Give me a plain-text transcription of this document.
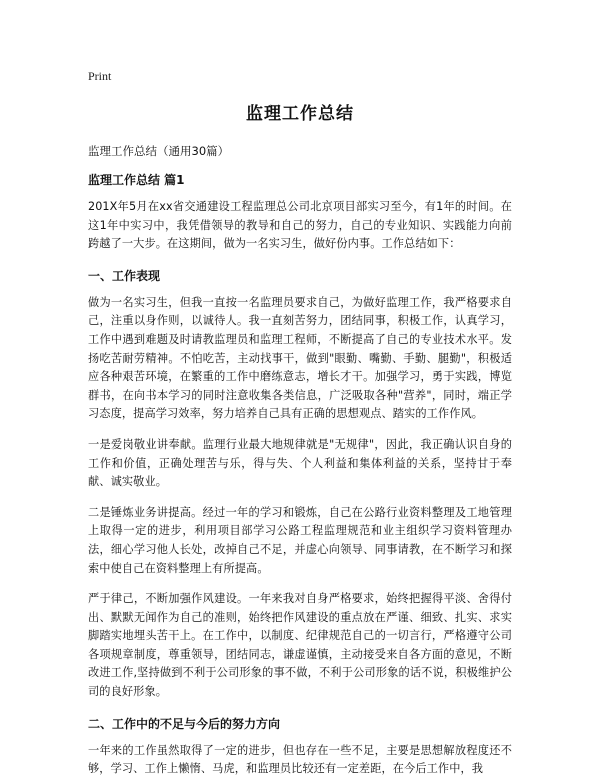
Print
监理工作总结
监理工作总结（通用30篇）
监理工作总结 篇1

201X年5月在xx省交通建设工程监理总公司北京项目部实习至今，有1年的时间。在这1年中实习中，我凭借领导的教导和自己的努力，自己的专业知识、实践能力向前跨越了一大步。在这期间，做为一名实习生，做好份内事。工作总结如下：

一、工作表现

做为一名实习生，但我一直按一名监理员要求自己，为做好监理工作，我严格要求自己，注重以身作则，以诚待人。我一直刻苦努力，团结同事，积极工作，认真学习，工作中遇到难题及时请教监理员和监理工程师，不断提高了自己的专业技术水平。发扬吃苦耐劳精神。不怕吃苦，主动找事干，做到"眼勤、嘴勤、手勤、腿勤"，积极适应各种艰苦环境，在繁重的工作中磨练意志，增长才干。加强学习，勇于实践，博览群书，在向书本学习的同时注意收集各类信息，广泛吸取各种"营养"，同时，端正学习态度，提高学习效率，努力培养自己具有正确的思想观点、踏实的工作作风。

一是爱岗敬业讲奉献。监理行业最大地规律就是"无规律"，因此，我正确认识自身的工作和价值，正确处理苦与乐，得与失、个人利益和集体利益的关系，坚持甘于奉献、诚实敬业。

二是锤炼业务讲提高。经过一年的学习和锻炼，自己在公路行业资料整理及工地管理上取得一定的进步，利用项目部学习公路工程监理规范和业主组织学习资料管理办法，细心学习他人长处，改掉自己不足，并虚心向领导、同事请教，在不断学习和探索中使自己在资料整理上有所提高。

严于律己，不断加强作风建设。一年来我对自身严格要求，始终把握得平淡、舍得付出、默默无闻作为自己的准则，始终把作风建设的重点放在严谨、细致、扎实、求实脚踏实地埋头苦干上。在工作中，以制度、纪律规范自己的一切言行，严格遵守公司各项规章制度，尊重领导，团结同志，谦虚谨慎，主动接受来自各方面的意见，不断改进工作,坚持做到不利于公司形象的事不做，不利于公司形象的话不说，积极维护公司的良好形象。

二、工作中的不足与今后的努力方向

一年来的工作虽然取得了一定的进步，但也存在一些不足，主要是思想解放程度还不够，学习、工作上懒惰、马虎，和监理员比较还有一定差距，在今后工作中，我
